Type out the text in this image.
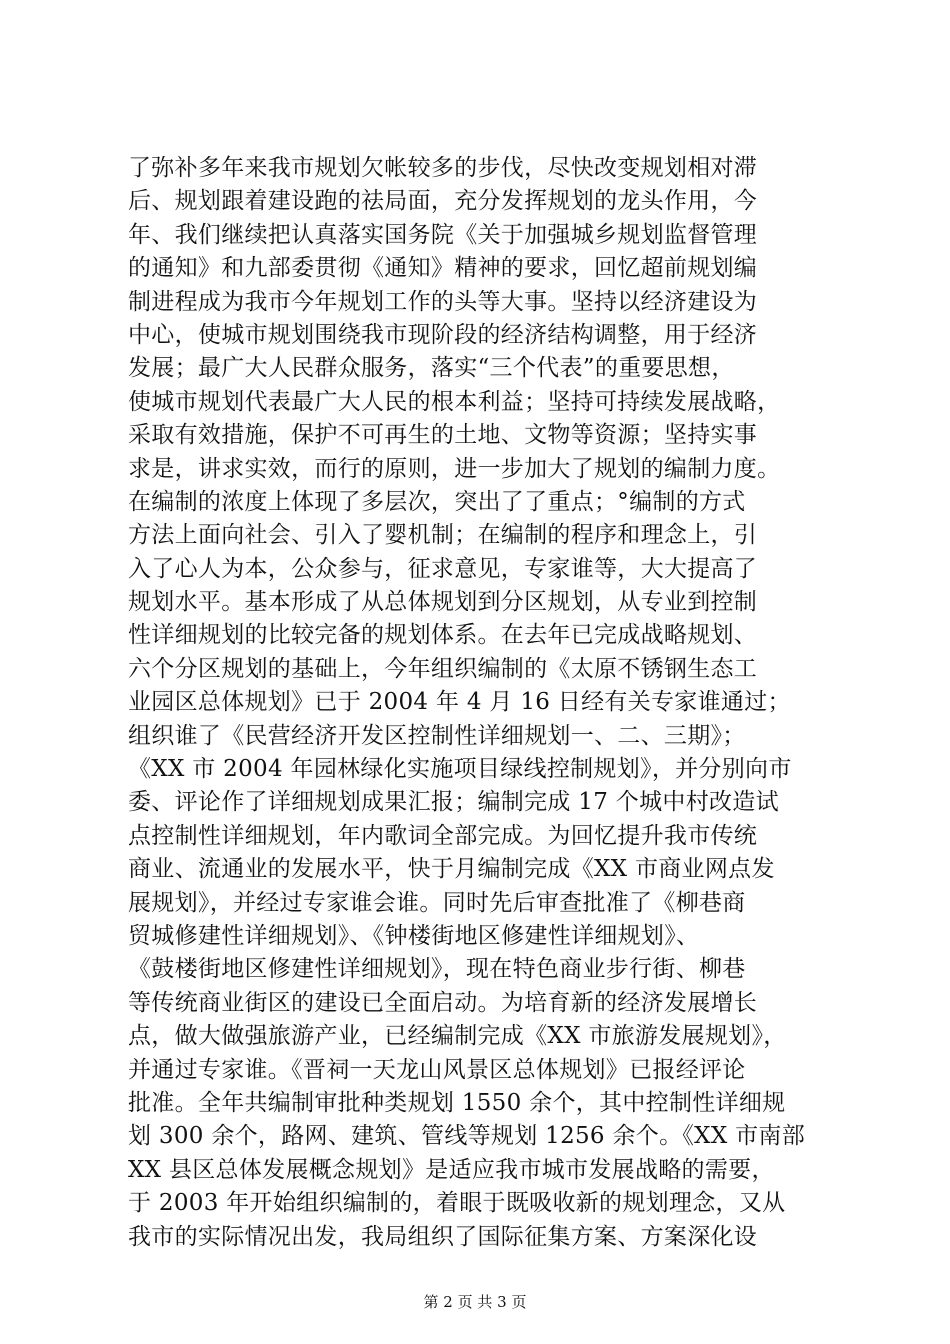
了弥补多年来我市规划欠帐较多的步伐，尽快改变规划相对滞
后、规划跟着建设跑的祛局面，充分发挥规划的龙头作用，今
年、我们继续把认真落实国务院《关于加强城乡规划监督管理
的通知》和九部委贯彻《通知》精神的要求，回忆超前规划编
制进程成为我市今年规划工作的头等大事。坚持以经济建设为
中心，使城市规划围绕我市现阶段的经济结构调整，用于经济
发展；最广大人民群众服务，落实“三个代表”的重要思想，
使城市规划代表最广大人民的根本利益；坚持可持续发展战略，
采取有效措施，保护不可再生的土地、文物等资源；坚持实事
求是，讲求实效，而行的原则，进一步加大了规划的编制力度。
在编制的浓度上体现了多层次，突出了了重点；°编制的方式
方法上面向社会、引入了婴机制；在编制的程序和理念上，引
入了心人为本，公众参与，征求意见，专家谁等，大大提高了
规划水平。基本形成了从总体规划到分区规划，从专业到控制
性详细规划的比较完备的规划体系。在去年已完成战略规划、
六个分区规划的基础上，今年组织编制的《太原不锈钢生态工
业园区总体规划》已于 2004 年 4 月 16 日经有关专家谁通过；
组织谁了《民营经济开发区控制性详细规划一、二、三期》；
《XX 市 2004 年园林绿化实施项目绿线控制规划》，并分别向市
委、评论作了详细规划成果汇报；编制完成 17 个城中村改造试
点控制性详细规划，年内歌词全部完成。为回忆提升我市传统
商业、流通业的发展水平，快于月编制完成《XX 市商业网点发
展规划》，并经过专家谁会谁。同时先后审查批准了《柳巷商
贸城修建性详细规划》、《钟楼街地区修建性详细规划》、
《鼓楼街地区修建性详细规划》，现在特色商业步行街、柳巷
等传统商业街区的建设已全面启动。为培育新的经济发展增长
点，做大做强旅游产业，已经编制完成《XX 市旅游发展规划》，
并通过专家谁。《晋祠一天龙山风景区总体规划》已报经评论
批准。全年共编制审批种类规划 1550 余个，其中控制性详细规
划 300 余个，路网、建筑、管线等规划 1256 余个。《XX 市南部
XX 县区总体发展概念规划》是适应我市城市发展战略的需要，
于 2003 年开始组织编制的，着眼于既吸收新的规划理念，又从
我市的实际情况出发，我局组织了国际征集方案、方案深化设
第 2 页 共 3 页
